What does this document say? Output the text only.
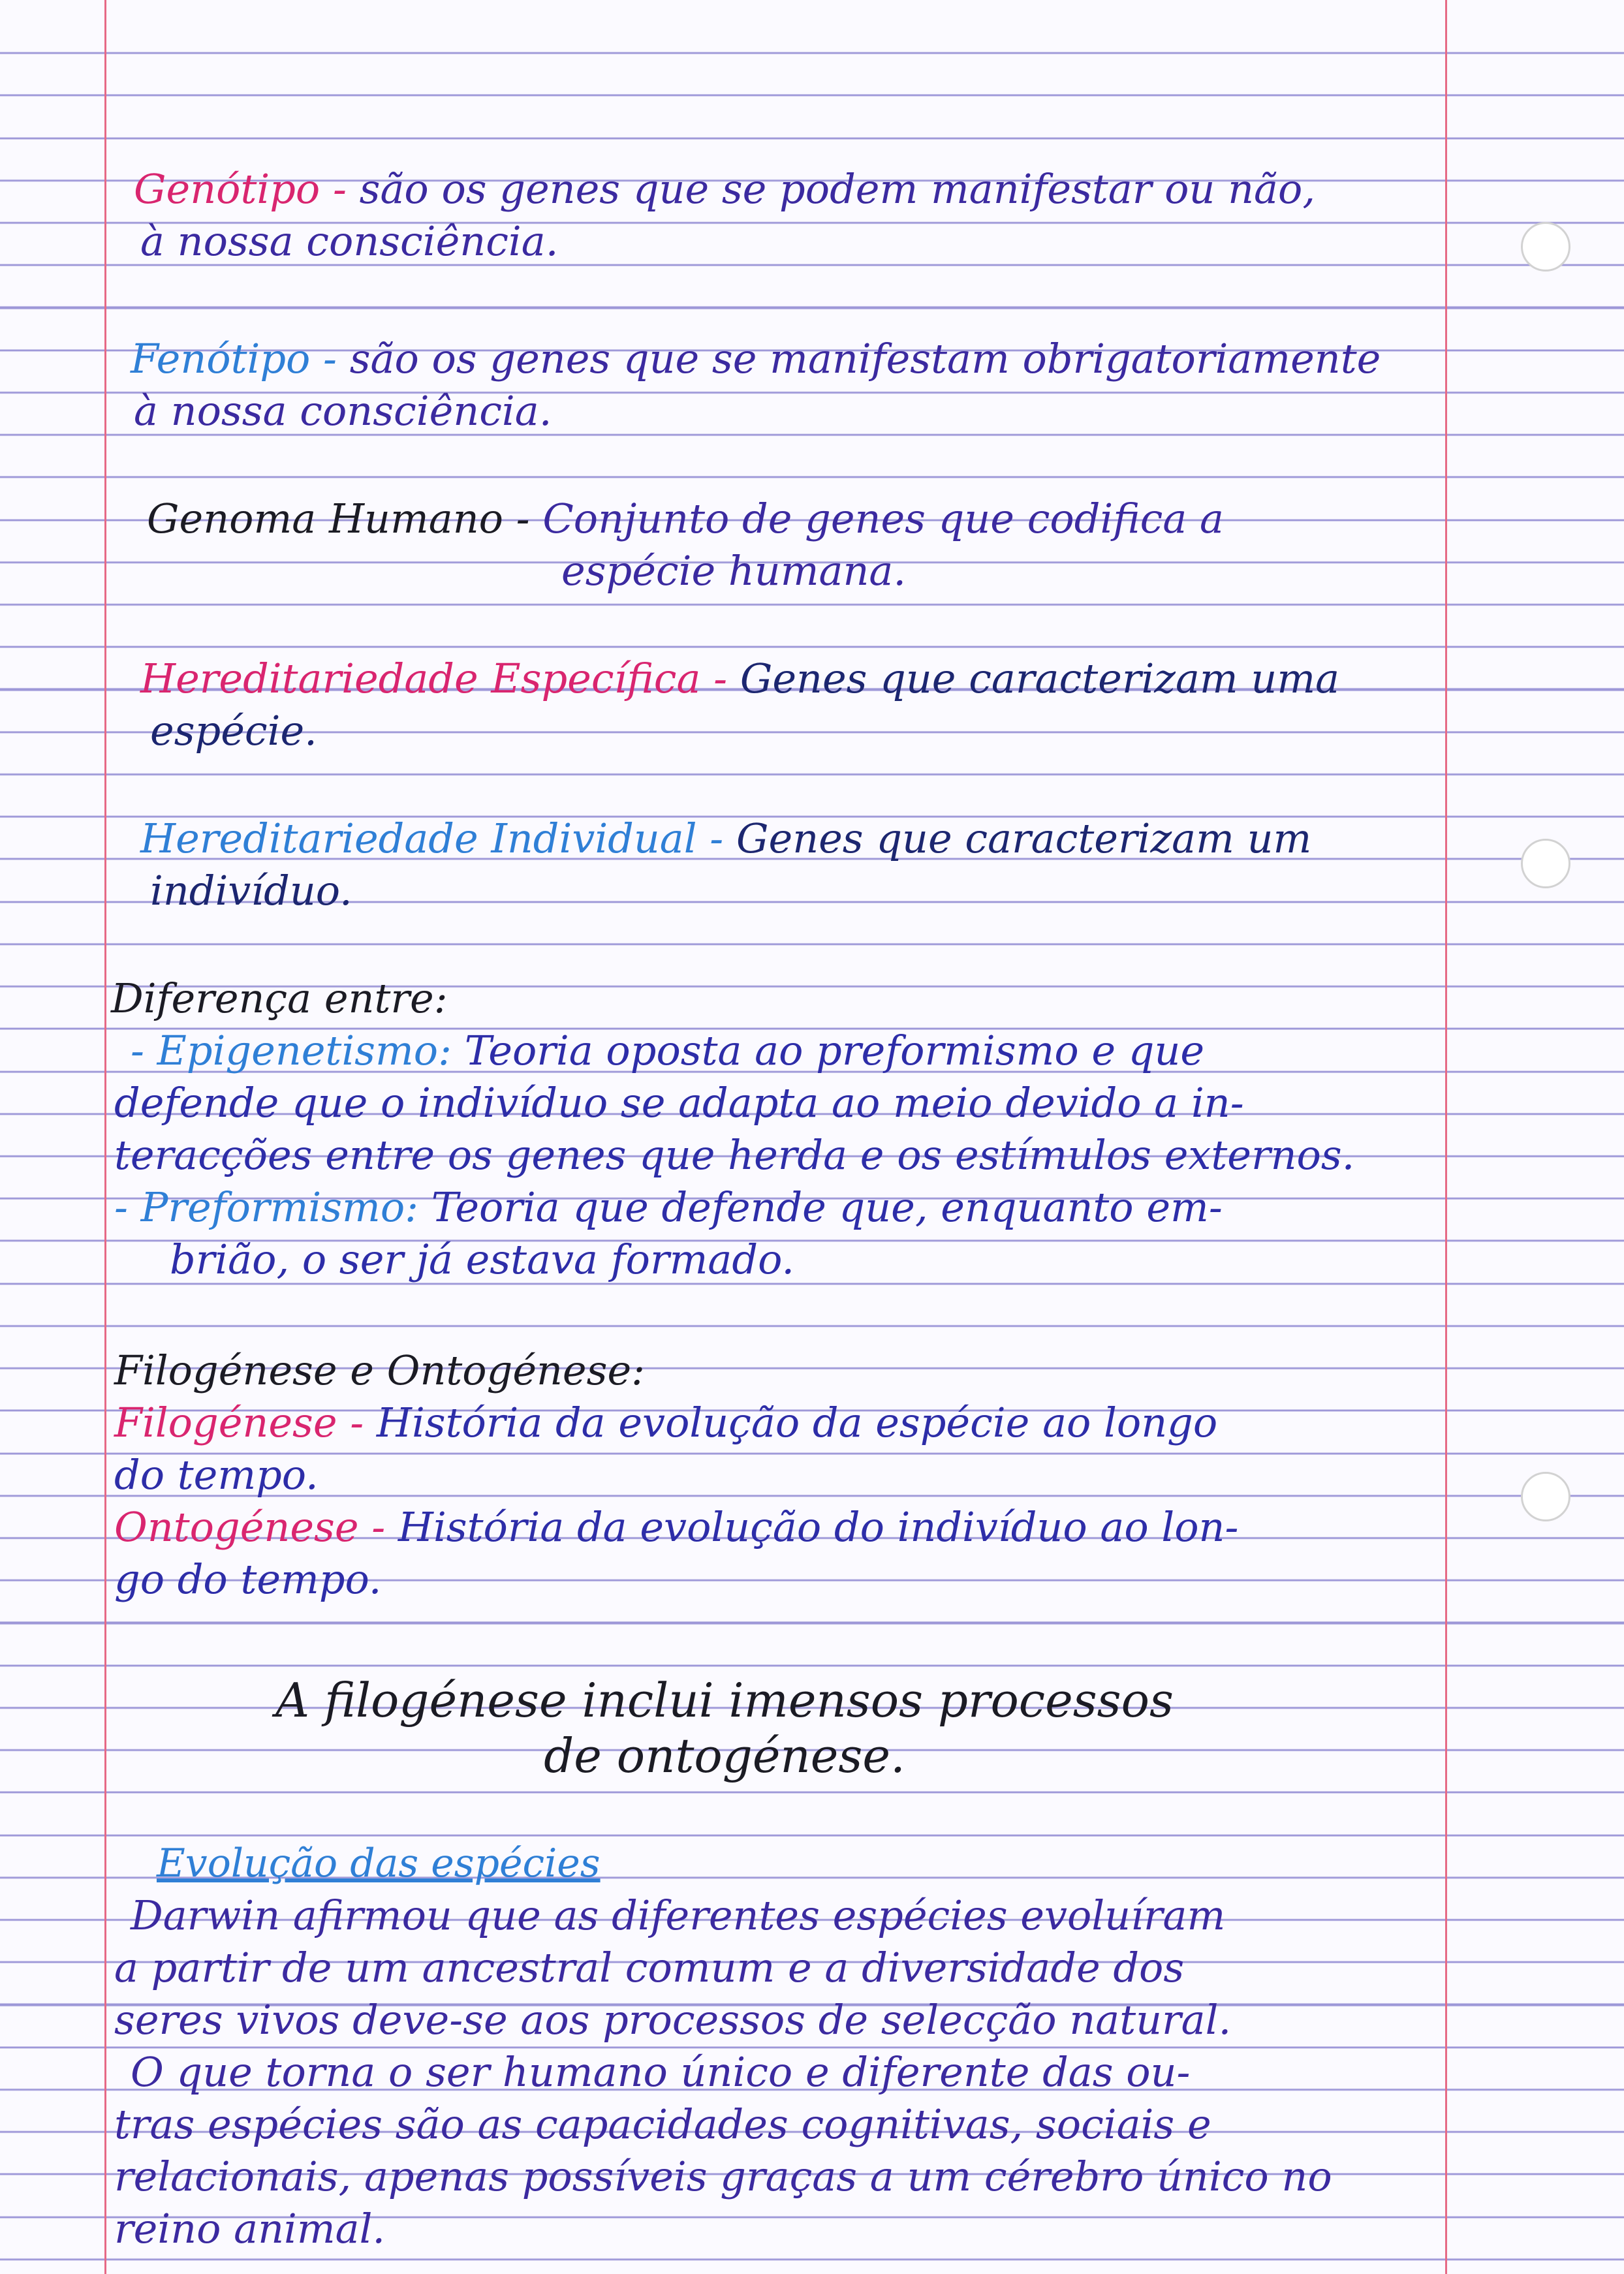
Genótipo - são os genes que se podem manifestar ou não,
à nossa consciência.
Fenótipo - são os genes que se manifestam obrigatoriamente
à nossa consciência.
Genoma Humano - Conjunto de genes que codifica a
espécie humana.
Hereditariedade Específica - Genes que caracterizam uma
espécie.
Hereditariedade Individual - Genes que caracterizam um
indivíduo.
Diferença entre:
- Epigenetismo: Teoria oposta ao preformismo e que
defende que o indivíduo se adapta ao meio devido a in-
teracções entre os genes que herda e os estímulos externos.
- Preformismo: Teoria que defende que, enquanto em-
brião, o ser já estava formado.
Filogénese e Ontogénese:
Filogénese - História da evolução da espécie ao longo
do tempo.
Ontogénese - História da evolução do indivíduo ao lon-
go do tempo.
A filogénese inclui imensos processos
de ontogénese.
Evolução das espécies
Darwin afirmou que as diferentes espécies evoluíram
a partir de um ancestral comum e a diversidade dos
seres vivos deve-se aos processos de selecção natural.
O que torna o ser humano único e diferente das ou-
tras espécies são as capacidades cognitivas, sociais e
relacionais, apenas possíveis graças a um cérebro único no
reino animal.
